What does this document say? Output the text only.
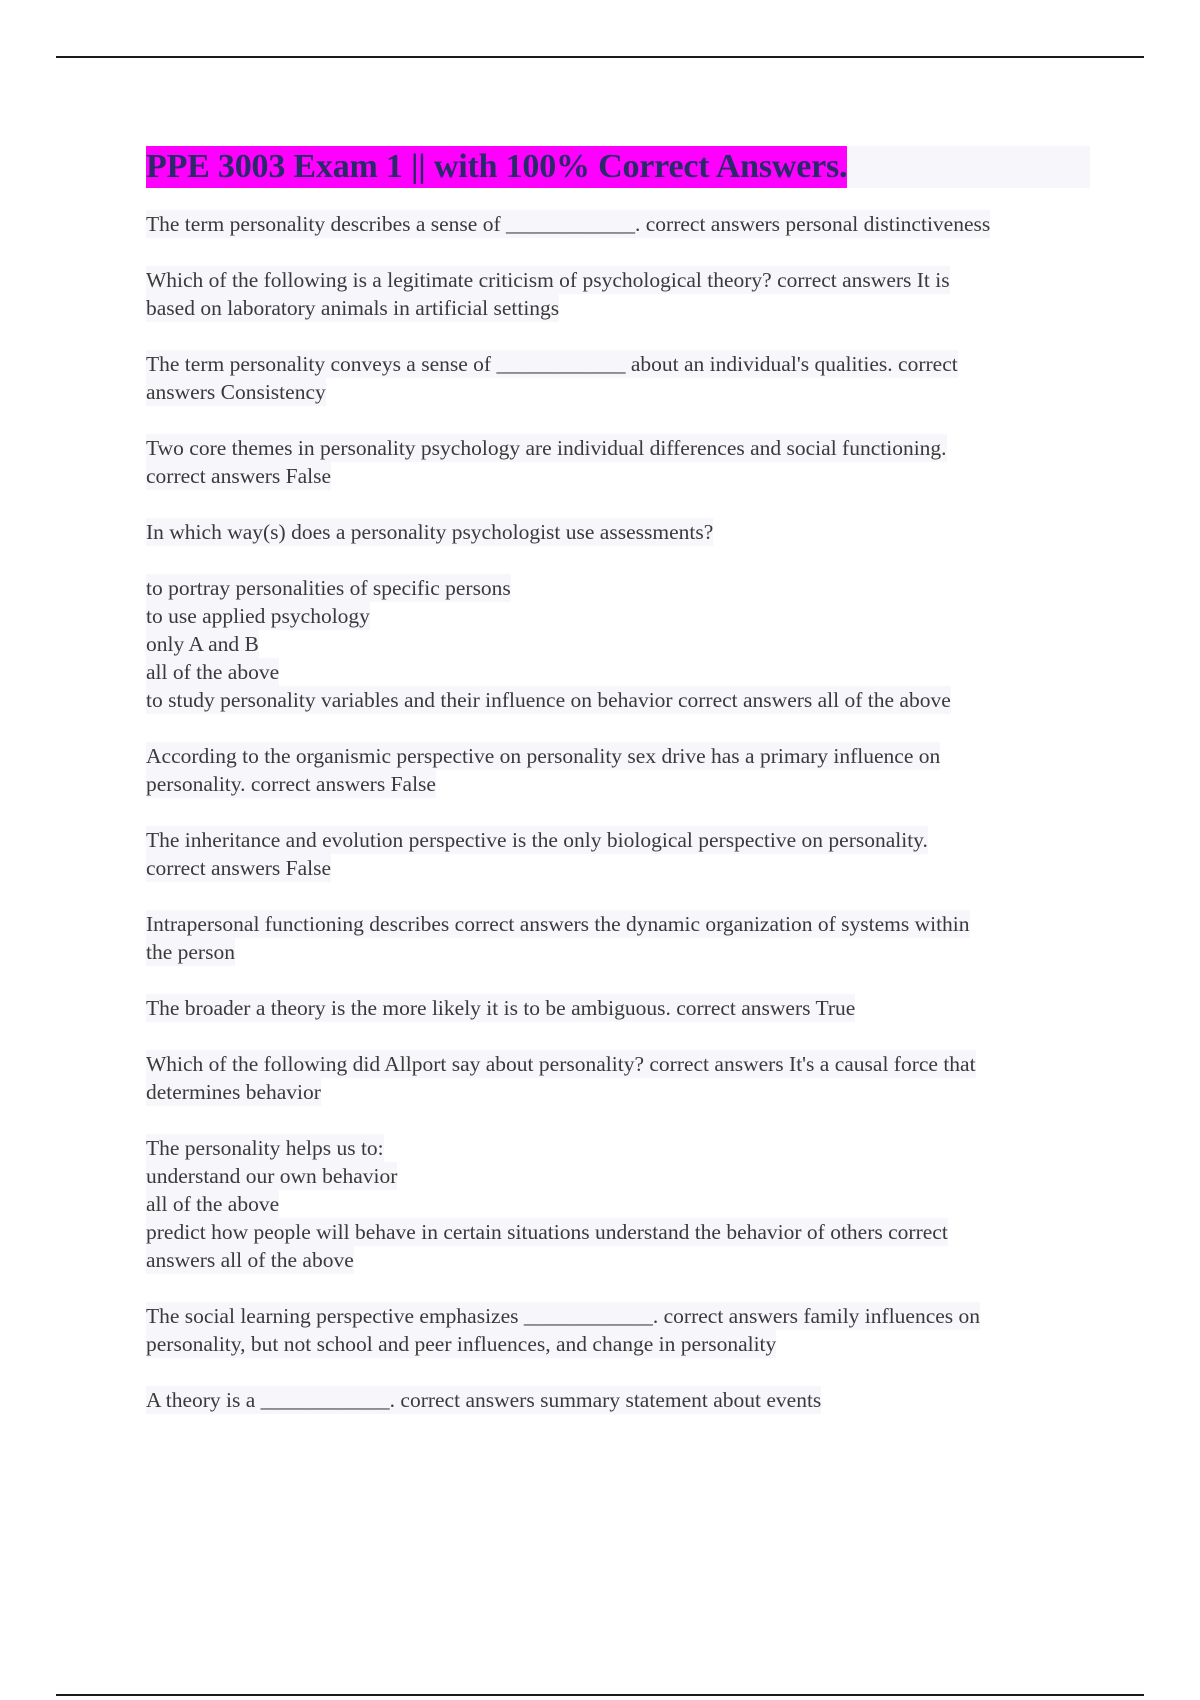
PPE 3003 Exam 1 || with 100% Correct Answers.
The term personality describes a sense of ____________. correct answers personal distinctiveness
Which of the following is a legitimate criticism of psychological theory? correct answers It is
based on laboratory animals in artificial settings
The term personality conveys a sense of ____________ about an individual's qualities. correct
answers Consistency
Two core themes in personality psychology are individual differences and social functioning.
correct answers False
In which way(s) does a personality psychologist use assessments?
to portray personalities of specific persons
to use applied psychology
only A and B
all of the above
to study personality variables and their influence on behavior correct answers all of the above
According to the organismic perspective on personality sex drive has a primary influence on
personality. correct answers False
The inheritance and evolution perspective is the only biological perspective on personality.
correct answers False
Intrapersonal functioning describes correct answers the dynamic organization of systems within
the person
The broader a theory is the more likely it is to be ambiguous. correct answers True
Which of the following did Allport say about personality? correct answers It's a causal force that
determines behavior
The personality helps us to:
understand our own behavior
all of the above
predict how people will behave in certain situations understand the behavior of others correct
answers all of the above
The social learning perspective emphasizes ____________. correct answers family influences on
personality, but not school and peer influences, and change in personality
A theory is a ____________. correct answers summary statement about events
